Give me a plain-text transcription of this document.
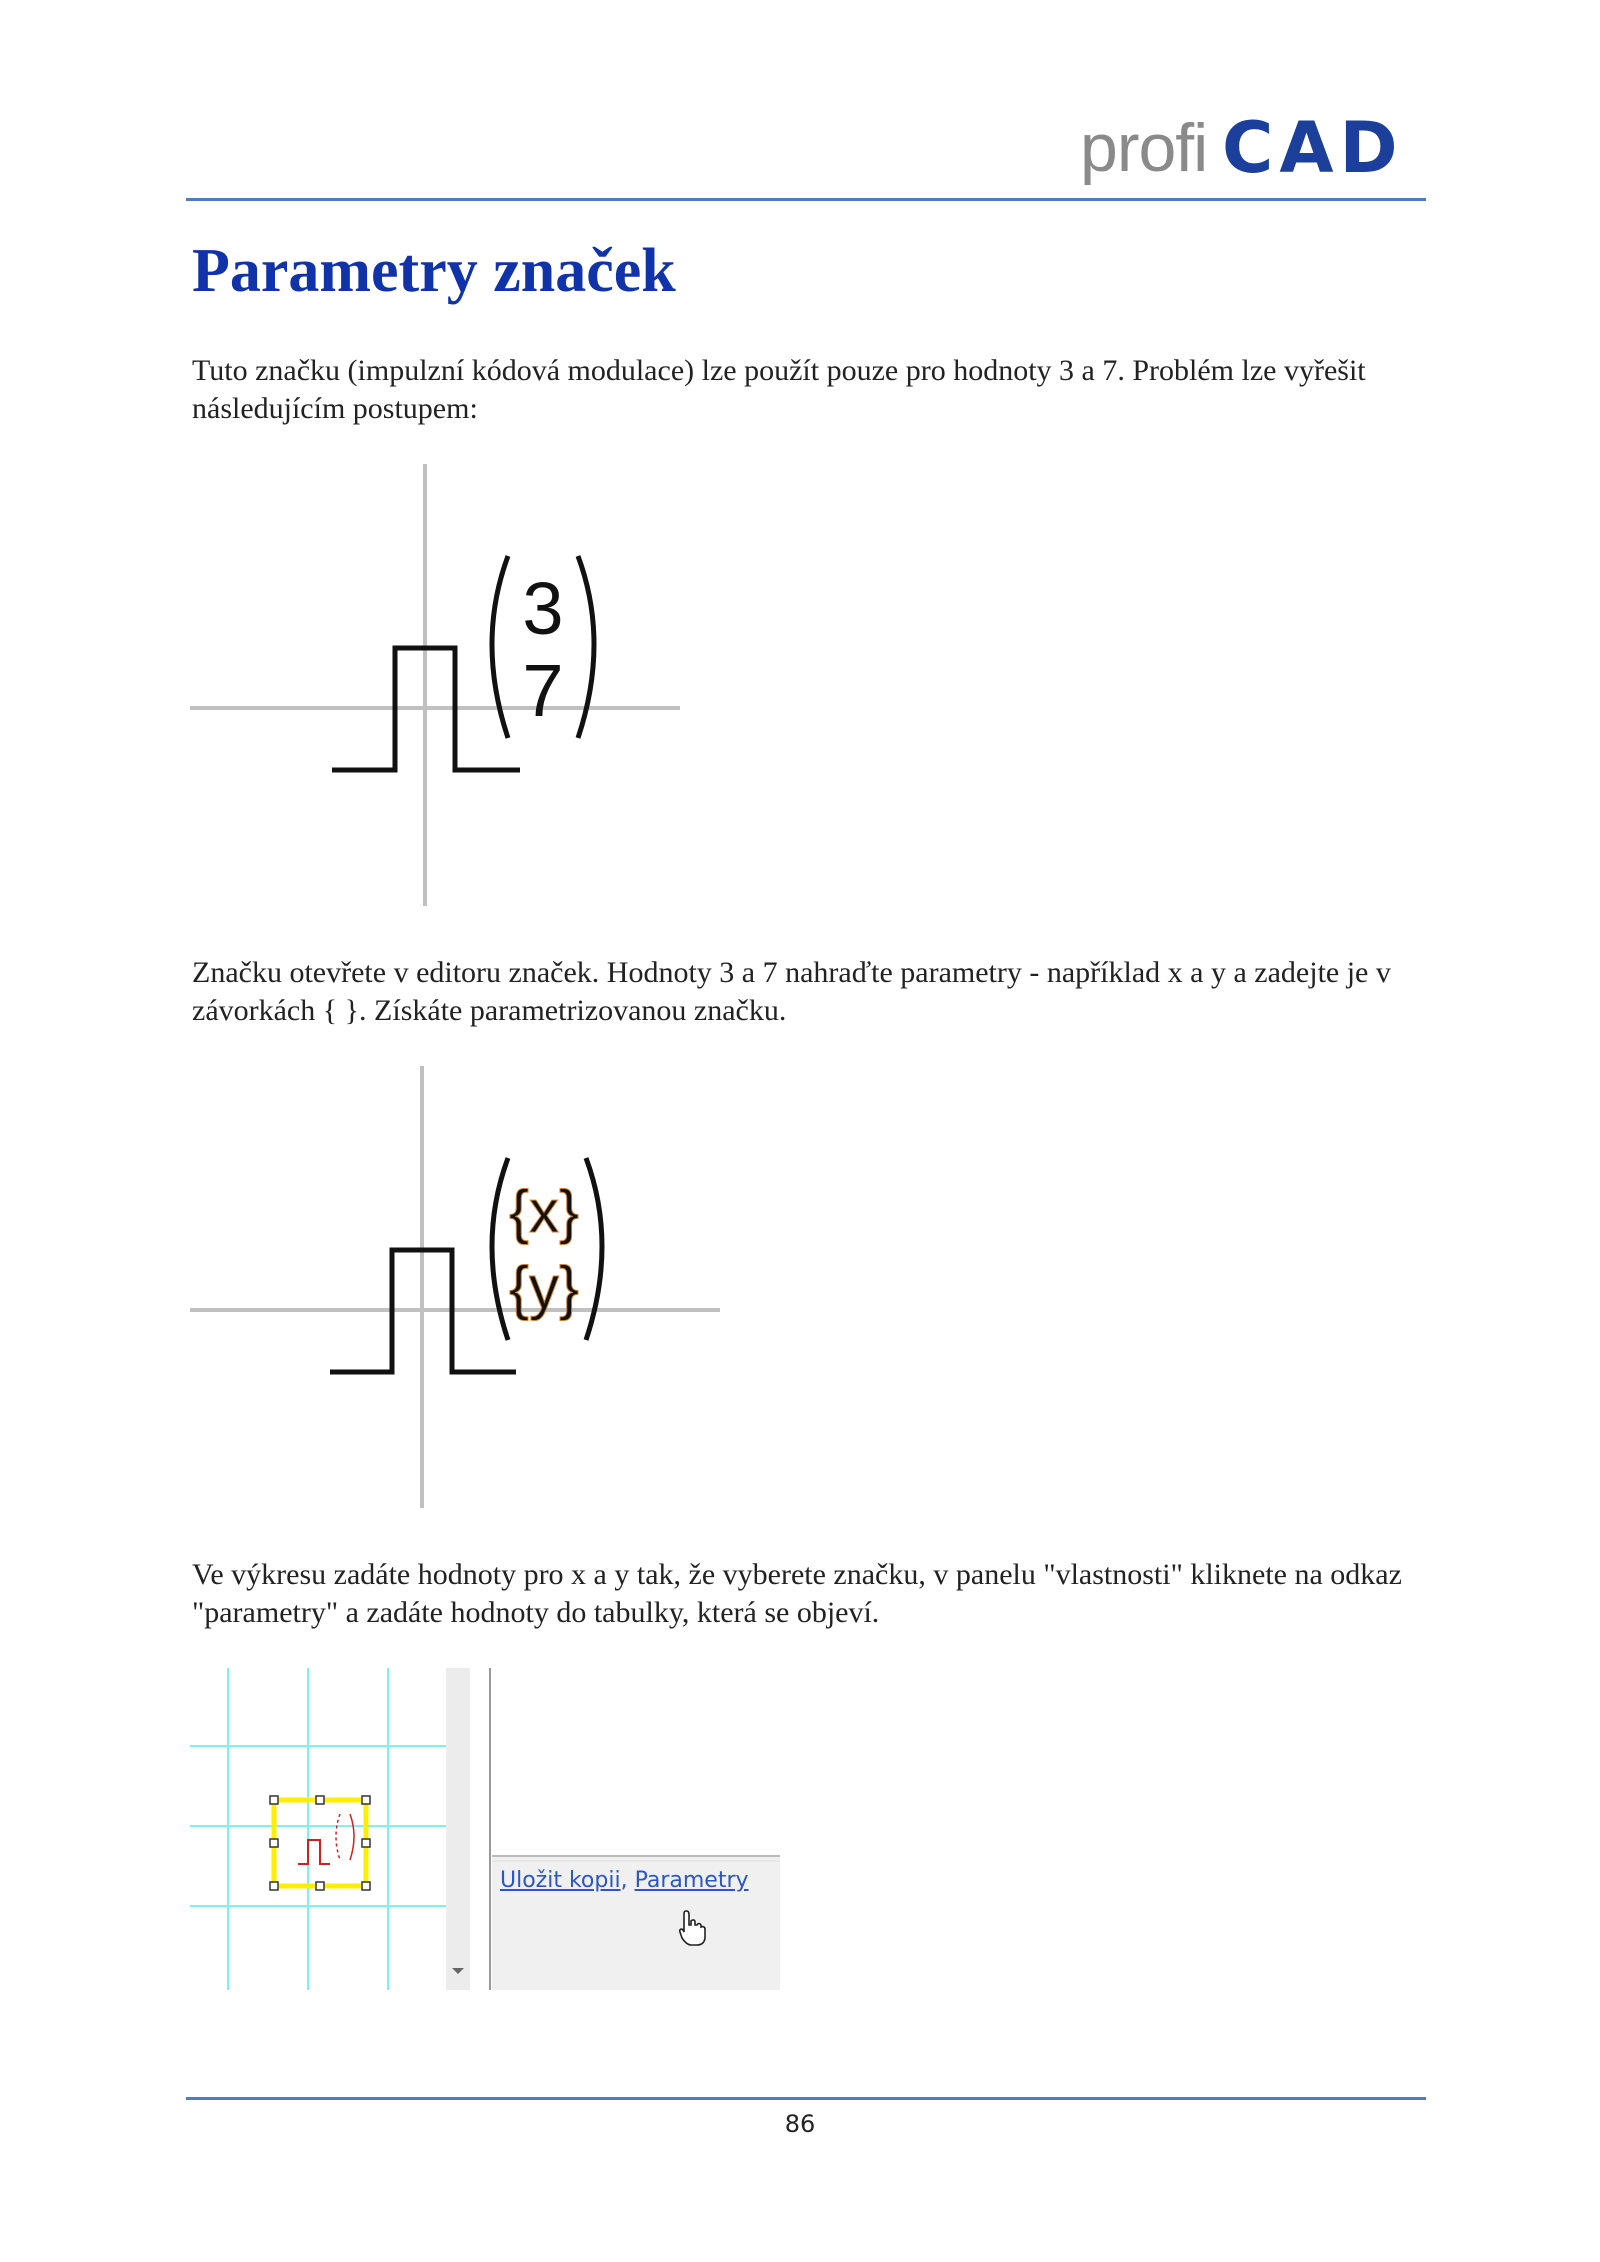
profi CAD
Parametry značek

Tuto značku (impulzní kódová modulace) lze použít pouze pro hodnoty 3 a 7. Problém lze vyřešit následujícím postupem:

3
7

Značku otevřete v editoru značek. Hodnoty 3 a 7 nahraďte parametry - například x a y a zadejte je v závorkách { }. Získáte parametrizovanou značku.

{x}
{y}

Ve výkresu zadáte hodnoty pro x a y tak, že vyberete značku, v panelu "vlastnosti" kliknete na odkaz "parametry" a zadáte hodnoty do tabulky, která se objeví.

Uložit kopii, Parametry
86
